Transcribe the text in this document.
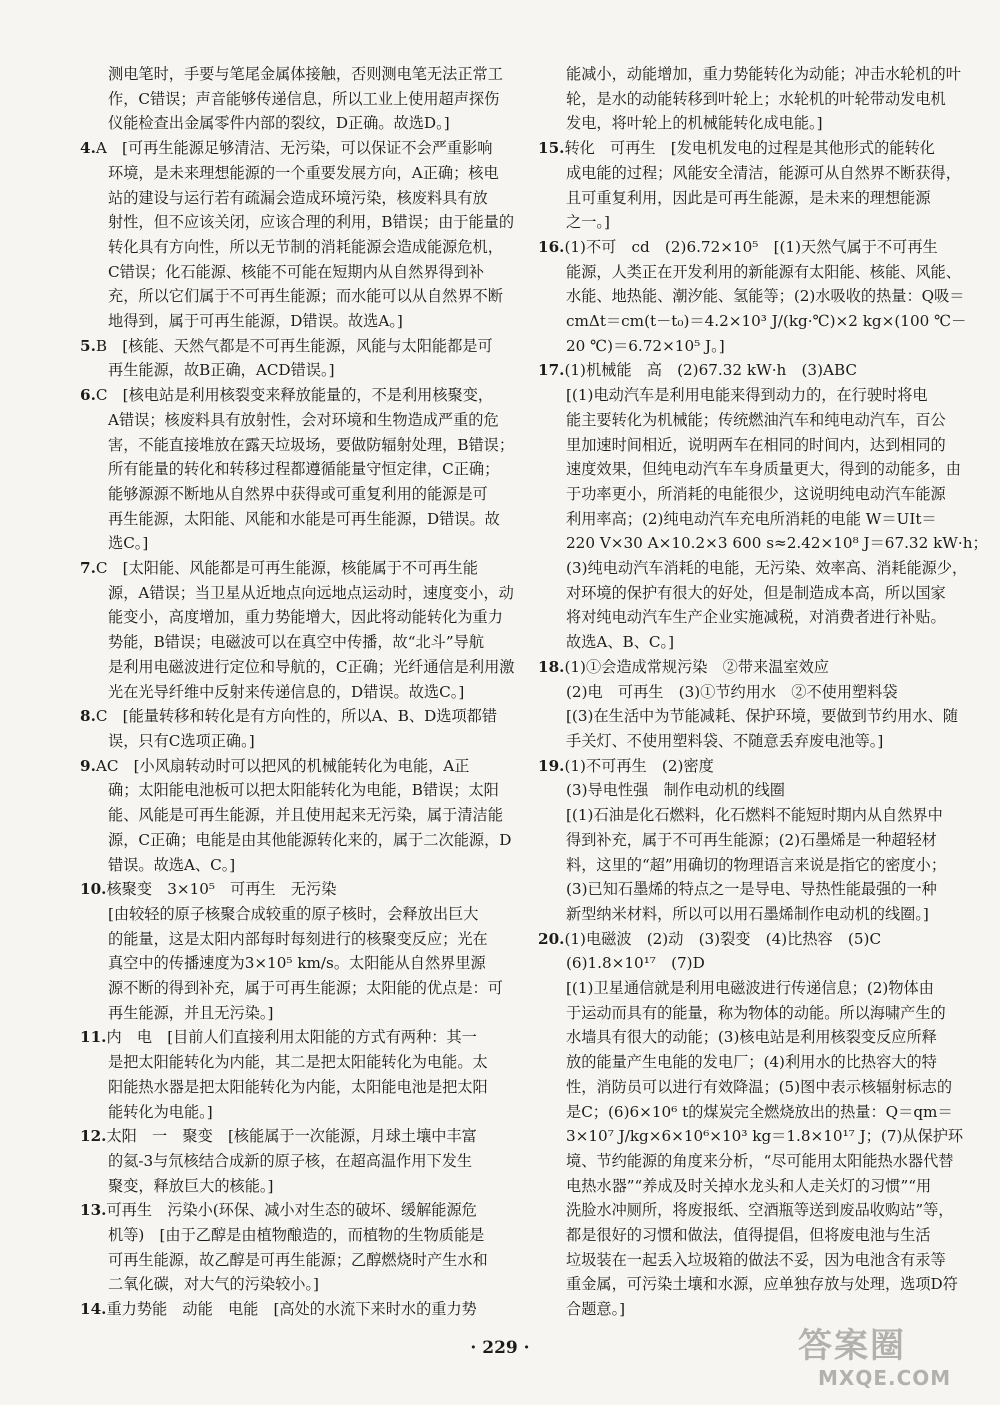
测电笔时，手要与笔尾金属体接触，否则测电笔无法正常工
作，C错误；声音能够传递信息，所以工业上使用超声探伤
仪能检查出金属零件内部的裂纹，D正确。故选D。]
4.A　[可再生能源足够清洁、无污染，可以保证不会严重影响
环境，是未来理想能源的一个重要发展方向，A正确；核电
站的建设与运行若有疏漏会造成环境污染，核废料具有放
射性，但不应该关闭，应该合理的利用，B错误；由于能量的
转化具有方向性，所以无节制的消耗能源会造成能源危机，
C错误；化石能源、核能不可能在短期内从自然界得到补
充，所以它们属于不可再生能源；而水能可以从自然界不断
地得到，属于可再生能源，D错误。故选A。]
5.B　[核能、天然气都是不可再生能源，风能与太阳能都是可
再生能源，故B正确，ACD错误。]
6.C　[核电站是利用核裂变来释放能量的，不是利用核聚变，
A错误；核废料具有放射性，会对环境和生物造成严重的危
害，不能直接堆放在露天垃圾场，要做防辐射处理，B错误；
所有能量的转化和转移过程都遵循能量守恒定律，C正确；
能够源源不断地从自然界中获得或可重复利用的能源是可
再生能源，太阳能、风能和水能是可再生能源，D错误。故
选C。]
7.C　[太阳能、风能都是可再生能源，核能属于不可再生能
源，A错误；当卫星从近地点向远地点运动时，速度变小，动
能变小，高度增加，重力势能增大，因此将动能转化为重力
势能，B错误；电磁波可以在真空中传播，故“北斗”导航
是利用电磁波进行定位和导航的，C正确；光纤通信是利用激
光在光导纤维中反射来传递信息的，D错误。故选C。]
8.C　[能量转移和转化是有方向性的，所以A、B、D选项都错
误，只有C选项正确。]
9.AC　[小风扇转动时可以把风的机械能转化为电能，A正
确；太阳能电池板可以把太阳能转化为电能，B错误；太阳
能、风能是可再生能源，并且使用起来无污染，属于清洁能
源，C正确；电能是由其他能源转化来的，属于二次能源，D
错误。故选A、C。]
10.核聚变　3×10⁵　可再生　无污染
[由较轻的原子核聚合成较重的原子核时，会释放出巨大
的能量，这是太阳内部每时每刻进行的核聚变反应；光在
真空中的传播速度为3×10⁵ km/s。太阳能从自然界里源
源不断的得到补充，属于可再生能源；太阳能的优点是：可
再生能源，并且无污染。]
11.内　电　[目前人们直接利用太阳能的方式有两种：其一
是把太阳能转化为内能，其二是把太阳能转化为电能。太
阳能热水器是把太阳能转化为内能，太阳能电池是把太阳
能转化为电能。]
12.太阳　一　聚变　[核能属于一次能源，月球土壤中丰富
的氦-3与氘核结合成新的原子核，在超高温作用下发生
聚变，释放巨大的核能。]
13.可再生　污染小(环保、减小对生态的破坏、缓解能源危
机等)　[由于乙醇是由植物酿造的，而植物的生物质能是
可再生能源，故乙醇是可再生能源；乙醇燃烧时产生水和
二氧化碳，对大气的污染较小。]
14.重力势能　动能　电能　[高处的水流下来时水的重力势
能减小，动能增加，重力势能转化为动能；冲击水轮机的叶
轮，是水的动能转移到叶轮上；水轮机的叶轮带动发电机
发电，将叶轮上的机械能转化成电能。]
15.转化　可再生　[发电机发电的过程是其他形式的能转化
成电能的过程；风能安全清洁，能源可从自然界不断获得，
且可重复利用，因此是可再生能源，是未来的理想能源
之一。]
16.(1)不可　cd　(2)6.72×10⁵　[(1)天然气属于不可再生
能源，人类正在开发利用的新能源有太阳能、核能、风能、
水能、地热能、潮汐能、氢能等；(2)水吸收的热量：Q吸＝
cmΔt＝cm(t－t₀)＝4.2×10³ J/(kg·℃)×2 kg×(100 ℃－
20 ℃)＝6.72×10⁵ J。]
17.(1)机械能　高　(2)67.32 kW·h　(3)ABC
[(1)电动汽车是利用电能来得到动力的，在行驶时将电
能主要转化为机械能；传统燃油汽车和纯电动汽车，百公
里加速时间相近，说明两车在相同的时间内，达到相同的
速度效果，但纯电动汽车车身质量更大，得到的动能多，由
于功率更小，所消耗的电能很少，这说明纯电动汽车能源
利用率高；(2)纯电动汽车充电所消耗的电能 W＝UIt＝
220 V×30 A×10.2×3 600 s≈2.42×10⁸ J＝67.32 kW·h；
(3)纯电动汽车消耗的电能，无污染、效率高、消耗能源少，
对环境的保护有很大的好处，但是制造成本高，所以国家
将对纯电动汽车生产企业实施减税，对消费者进行补贴。
故选A、B、C。]
18.(1)①会造成常规污染　②带来温室效应
(2)电　可再生　(3)①节约用水　②不使用塑料袋
[(3)在生活中为节能减耗、保护环境，要做到节约用水、随
手关灯、不使用塑料袋、不随意丢弃废电池等。]
19.(1)不可再生　(2)密度
(3)导电性强　制作电动机的线圈
[(1)石油是化石燃料，化石燃料不能短时期内从自然界中
得到补充，属于不可再生能源；(2)石墨烯是一种超轻材
料，这里的“超”用确切的物理语言来说是指它的密度小；
(3)已知石墨烯的特点之一是导电、导热性能最强的一种
新型纳米材料，所以可以用石墨烯制作电动机的线圈。]
20.(1)电磁波　(2)动　(3)裂变　(4)比热容　(5)C
(6)1.8×10¹⁷　(7)D
[(1)卫星通信就是利用电磁波进行传递信息；(2)物体由
于运动而具有的能量，称为物体的动能。所以海啸产生的
水墙具有很大的动能；(3)核电站是利用核裂变反应所释
放的能量产生电能的发电厂；(4)利用水的比热容大的特
性，消防员可以进行有效降温；(5)图中表示核辐射标志的
是C；(6)6×10⁶ t的煤炭完全燃烧放出的热量：Q＝qm＝
3×10⁷ J/kg×6×10⁶×10³ kg＝1.8×10¹⁷ J；(7)从保护环
境、节约能源的角度来分析，“尽可能用太阳能热水器代替
电热水器”“养成及时关掉水龙头和人走关灯的习惯”“用
洗脸水冲厕所，将废报纸、空酒瓶等送到废品收购站”等，
都是很好的习惯和做法，值得提倡，但将废电池与生活
垃圾装在一起丢入垃圾箱的做法不妥，因为电池含有汞等
重金属，可污染土壤和水源，应单独存放与处理，选项D符
合题意。]
· 229 ·	答案圈
MXQE.COM
